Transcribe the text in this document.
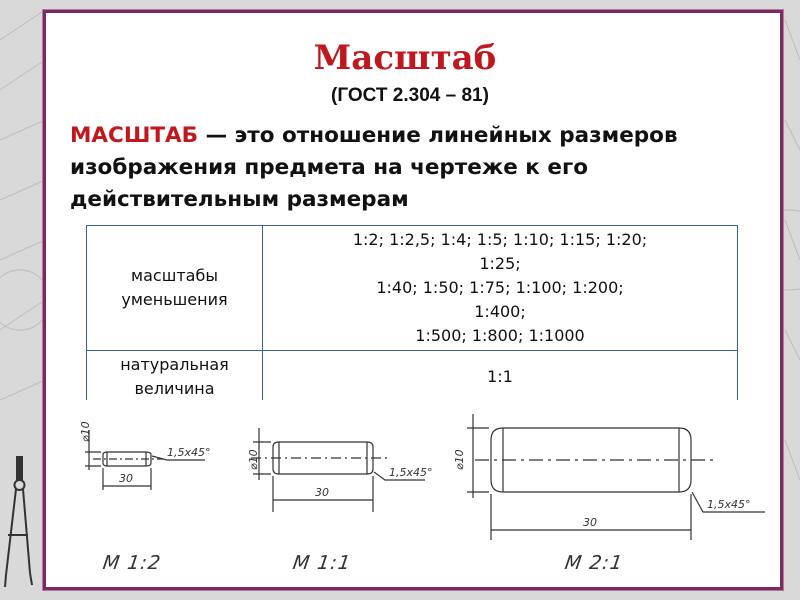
Масштаб
(ГОСТ 2.304 – 81)
МАСШТАБ — это отношение линейных размеров изображения предмета на чертеже к его действительным размерам
масштабы уменьшения	1:2; 1:2,5; 1:4; 1:5; 1:10; 1:15; 1:20;
1:25;
1:40; 1:50; 1:75; 1:100; 1:200;
1:400;
1:500; 1:800; 1:1000

натуральная величина	1:1

⌀10
30
1,5х45°
М 1:2
⌀10
30
1,5х45°
М 1:1
⌀10
30
1,5х45°
М 2:1
